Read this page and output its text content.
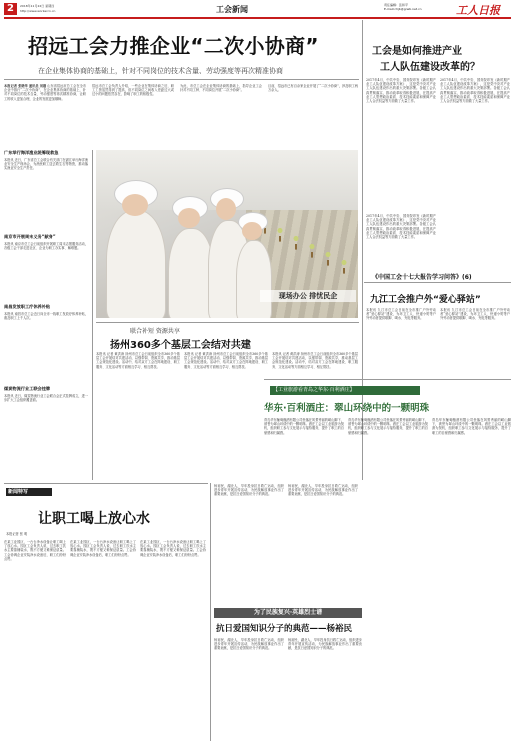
2	2018年11月22日 星期四
http://www.workercn.cn	工会新闻	责任编辑：张和平
E-mail:chjb@grwb.net.cn	工人日报
招远工会力推企业“二次小协商”
在企业集体协商的基础上，针对不同岗位的技术含量、劳动强度等再次精准协商
本报记者 张晓华 通讯员 刘刚 山东省招远市总工会在全市企业中推行“二次小协商”，在企业集体协商的基础上，针对不同岗位的技术含量、劳动强度等再次精准协商，让职工的收入更加合理，企业的发展更加顺畅。
招远市总工会负责人介绍，一些企业在集体协商之后，职工工资虽然得到了提高，但不同岗位之间收入差距过大或过小的问题依然存在，影响了职工的积极性。
为此，市总工会在企业集体协商的基础上，指导企业工会针对不同工种、不同岗位开展“二次小协商”。
目前，招远市已有百余家企业开展了“二次小协商”，涉及职工两万余人。
现场办公 排忧民企
广东举行海洋渔业统筹现救急
本报讯 近日，广东省总工会联合有关部门在湛江举行海洋渔业安全生产现场会，为渔民职工送去救生衣等物资，推动落实渔业安全生产责任。
南京市开展周末义务“献身”
本报讯 南京市总工会日前组织开展职工周末志愿服务活动，各级工会干部走进社区、企业为职工办实事、解难题。
南昌发放职工疗休养补贴
本报讯 南昌市总工会近日向全市一线职工发放疗休养补贴，惠及职工上千人次。
煤炭物流行业工联会挂牌
本报讯 近日，煤炭物流行业工会联合会正式挂牌成立，进一步扩大工会组织覆盖面。
联合补短 资源共享
扬州360多个基层工会结对共建
本报讯 记者 黄洪涛 扬州市总工会日前组织全市360多个基层工会开展结对共建活动，以强带弱、资源共享，推动基层工会规范化建设。活动中，结对双方工会在阵地建设、职工服务、文化活动等方面相互学习、相互帮扶。
本报讯 记者 黄洪涛 扬州市总工会日前组织全市360多个基层工会开展结对共建活动，以强带弱、资源共享，推动基层工会规范化建设。活动中，结对双方工会在阵地建设、职工服务、文化活动等方面相互学习、相互帮扶。
本报讯 记者 黄洪涛 扬州市总工会日前组织全市360多个基层工会开展结对共建活动，以强带弱、资源共享，推动基层工会规范化建设。活动中，结对双方工会在阵地建设、职工服务、文化活动等方面相互学习、相互帮扶。
新闻特写
让职工喝上放心水
本报记者 张 明
在某工业园区，一台台净水设备让职工喝上了放心水。园区工会负责人说，过去职工饮水主要靠桶装水，既不方便又难保证质量。工会协调企业安装净水设备后，职工们纷纷点赞。
在某工业园区，一台台净水设备让职工喝上了放心水。园区工会负责人说，过去职工饮水主要靠桶装水，既不方便又难保证质量。工会协调企业安装净水设备后，职工们纷纷点赞。
在某工业园区，一台台净水设备让职工喝上了放心水。园区工会负责人说，过去职工饮水主要靠桶装水，既不方便又难保证质量。工会协调企业安装净水设备后，职工们纷纷点赞。
杨裕民，湖北人，早年投身抗日救亡运动，组织进步青年开展宣传活动，为民族解放事业作出了重要贡献，是抗日爱国知识分子的典范。
杨裕民，湖北人，早年投身抗日救亡运动，组织进步青年开展宣传活动，为民族解放事业作出了重要贡献，是抗日爱国知识分子的典范。
为了民族复兴·英雄烈士谱
抗日爱国知识分子的典范——杨裕民
杨裕民，湖北人，早年投身抗日救亡运动，组织进步青年开展宣传活动，为民族解放事业作出了重要贡献，是抗日爱国知识分子的典范。
杨裕民，湖北人，早年投身抗日救亡运动，组织进步青年开展宣传活动，为民族解放事业作出了重要贡献，是抗日爱国知识分子的典范。
工会是如何推进产业
工人队伍建设改革的？
2017年4月，中共中央、国务院印发《新时期产业工人队伍建设改革方案》，这是党中央对产业工人队伍建设作出的重大决策部署。各级工会认真贯彻落实，推动改革取得积极进展，在提高产业工人思想政治素质、技术技能素质和保障产业工人合法权益等方面做了大量工作。
2017年4月，中共中央、国务院印发《新时期产业工人队伍建设改革方案》，这是党中央对产业工人队伍建设作出的重大决策部署。各级工会认真贯彻落实，推动改革取得积极进展，在提高产业工人思想政治素质、技术技能素质和保障产业工人合法权益等方面做了大量工作。
2017年4月，中共中央、国务院印发《新时期产业工人队伍建设改革方案》，这是党中央对产业工人队伍建设作出的重大决策部署。各级工会认真贯彻落实，推动改革取得积极进展，在提高产业工人思想政治素质、技术技能素质和保障产业工人合法权益等方面做了大量工作。
《中国工会十七大报告学习问答》(6)
九江工会推户外“爱心驿站”
本报讯 九江市总工会日前在全市推广户外劳动者“爱心驿站”建设，为环卫工人、快递小哥等户外劳动者提供歇脚、喝水、充电等服务。
本报讯 九江市总工会日前在全市推广户外劳动者“爱心驿站”建设，为环卫工人、快递小哥等户外劳动者提供歇脚、喝水、充电等服务。
【工业旅游看青岛之华东·百利酒庄】
华东·百利酒庄：翠山环绕中的一颗明珠
青岛华东葡萄酿酒有限公司坐落在风景秀丽的崂山脚下，被誉为翠山环绕中的一颗明珠。酒庄工会以工业旅游为契机，组织职工参与文化展示与接待服务，提升了职工的自豪感和归属感。
青岛华东葡萄酿酒有限公司坐落在风景秀丽的崂山脚下，被誉为翠山环绕中的一颗明珠。酒庄工会以工业旅游为契机，组织职工参与文化展示与接待服务，提升了职工的自豪感和归属感。
青岛华东葡萄酿酒有限公司坐落在风景秀丽的崂山脚下，被誉为翠山环绕中的一颗明珠。酒庄工会以工业旅游为契机，组织职工参与文化展示与接待服务，提升了职工的自豪感和归属感。
